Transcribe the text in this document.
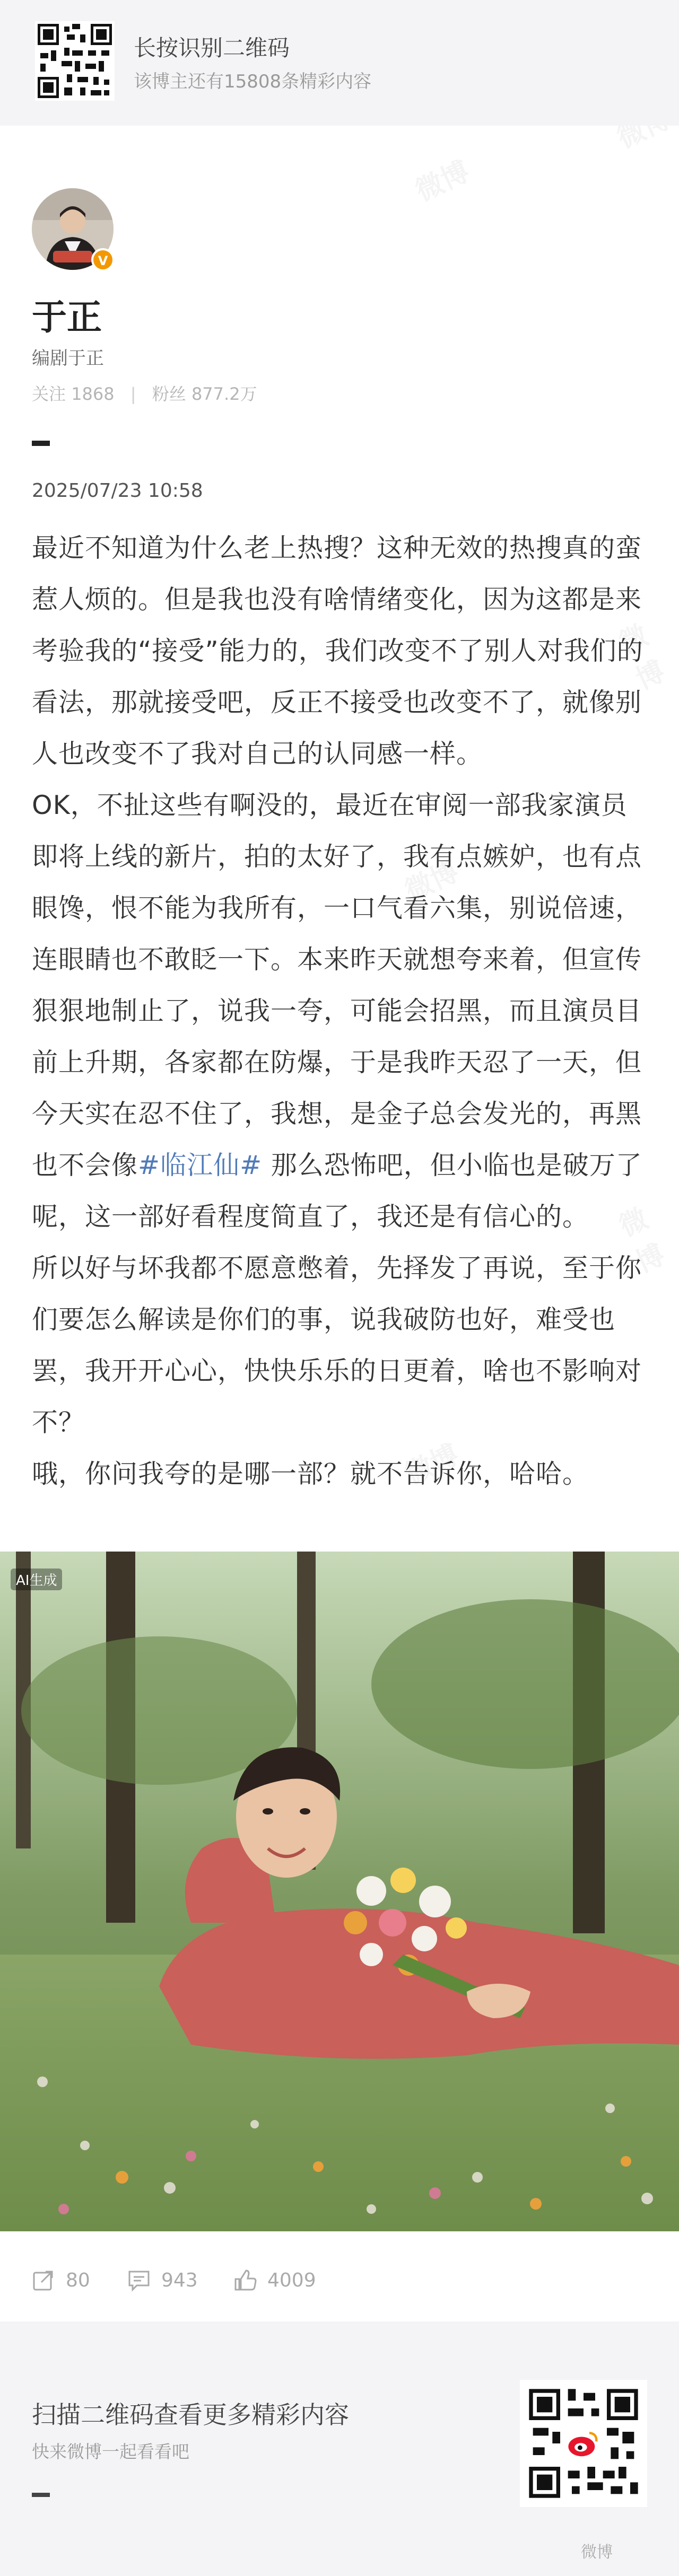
长按识别二维码
该博主还有15808条精彩内容
V
于正
编剧于正
关注 1868 | 粉丝 877.2万
2025/07/23 10:58

最近不知道为什么老上热搜？这种无效的热搜真的蛮惹人烦的。但是我也没有啥情绪变化，因为这都是来考验我的“接受”能力的，我们改变不了别人对我们的看法，那就接受吧，反正不接受也改变不了，就像别人也改变不了我对自己的认同感一样。

OK，不扯这些有啊没的，最近在审阅一部我家演员即将上线的新片，拍的太好了，我有点嫉妒，也有点眼馋，恨不能为我所有，一口气看六集，别说倍速，连眼睛也不敢眨一下。本来昨天就想夸来着，但宣传狠狠地制止了，说我一夸，可能会招黑，而且演员目前上升期，各家都在防爆，于是我昨天忍了一天，但今天实在忍不住了，我想，是金子总会发光的，再黑也不会像#临江仙# 那么恐怖吧，但小临也是破万了呢，这一部好看程度简直了，我还是有信心的。

所以好与坏我都不愿意憋着，先择发了再说，至于你们要怎么解读是你们的事，说我破防也好，难受也罢，我开开心心，快快乐乐的日更着，啥也不影响对不？

哦，你问我夸的是哪一部？就不告诉你，哈哈。

AI生成
80	943	4009
扫描二维码查看更多精彩内容
快来微博一起看看吧
微博
